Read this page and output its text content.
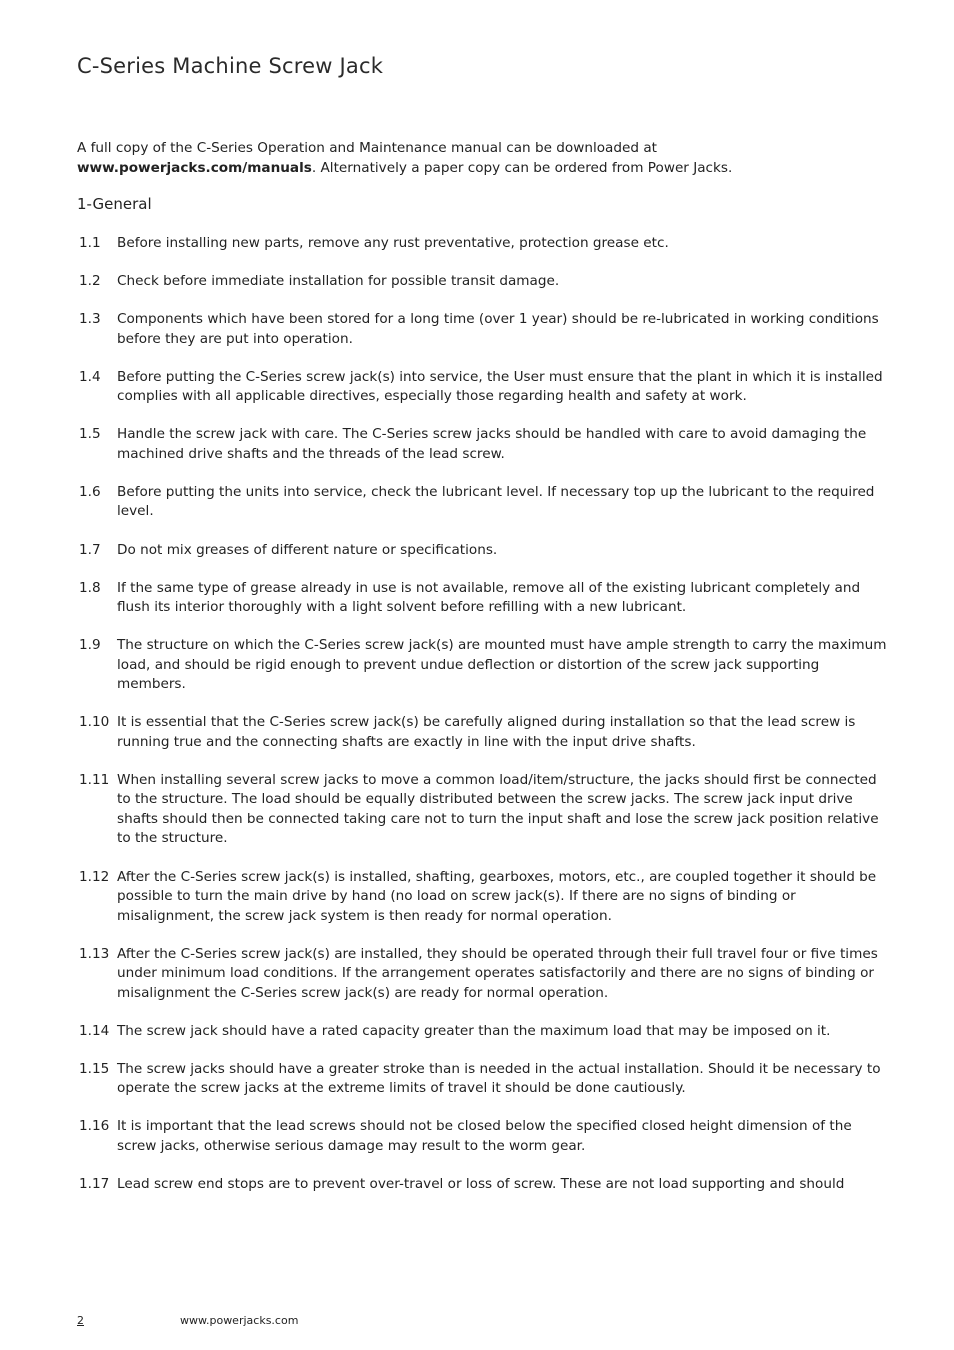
C-Series Machine Screw Jack

A full copy of the C-Series Operation and Maintenance manual can be downloaded at
www.powerjacks.com/manuals. Alternatively a paper copy can be ordered from Power Jacks.

1-General
1.1	Before installing new parts, remove any rust preventative, protection grease etc.
1.2	Check before immediate installation for possible transit damage.
1.3	Components which have been stored for a long time (over 1 year) should be re-lubricated in working conditions before they are put into operation.
1.4	Before putting the C-Series screw jack(s) into service, the User must ensure that the plant in which it is installed complies with all applicable directives, especially those regarding health and safety at work.
1.5	Handle the screw jack with care. The C-Series screw jacks should be handled with care to avoid damaging the machined drive shafts and the threads of the lead screw.
1.6	Before putting the units into service, check the lubricant level. If necessary top up the lubricant to the required level.
1.7	Do not mix greases of different nature or specifications.
1.8	If the same type of grease already in use is not available, remove all of the existing lubricant completely and flush its interior thoroughly with a light solvent before refilling with a new lubricant.
1.9	The structure on which the C-Series screw jack(s) are mounted must have ample strength to carry the maximum load, and should be rigid enough to prevent undue deflection or distortion of the screw jack supporting members.
1.10 It is essential that the C-Series screw jack(s) be carefully aligned during installation so that the lead screw is running true and the connecting shafts are exactly in line with the input drive shafts.
1.11 When installing several screw jacks to move a common load/item/structure, the jacks should first be connected to the structure. The load should be equally distributed between the screw jacks. The screw jack input drive shafts should then be connected taking care not to turn the input shaft and lose the screw jack position relative to the structure.
1.12 After the C-Series screw jack(s) is installed, shafting, gearboxes, motors, etc., are coupled together it should be possible to turn the main drive by hand (no load on screw jack(s). If there are no signs of binding or misalignment, the screw jack system is then ready for normal operation.
1.13 After the C-Series screw jack(s) are installed, they should be operated through their full travel four or five times under minimum load conditions. If the arrangement operates satisfactorily and there are no signs of binding or misalignment the C-Series screw jack(s) are ready for normal operation.
1.14 The screw jack should have a rated capacity greater than the maximum load that may be imposed on it.
1.15 The screw jacks should have a greater stroke than is needed in the actual installation. Should it be necessary to operate the screw jacks at the extreme limits of travel it should be done cautiously.
1.16 It is important that the lead screws should not be closed below the specified closed height dimension of the screw jacks, otherwise serious damage may result to the worm gear.
1.17 Lead screw end stops are to prevent over-travel or loss of screw. These are not load supporting and should
2	www.powerjacks.com
